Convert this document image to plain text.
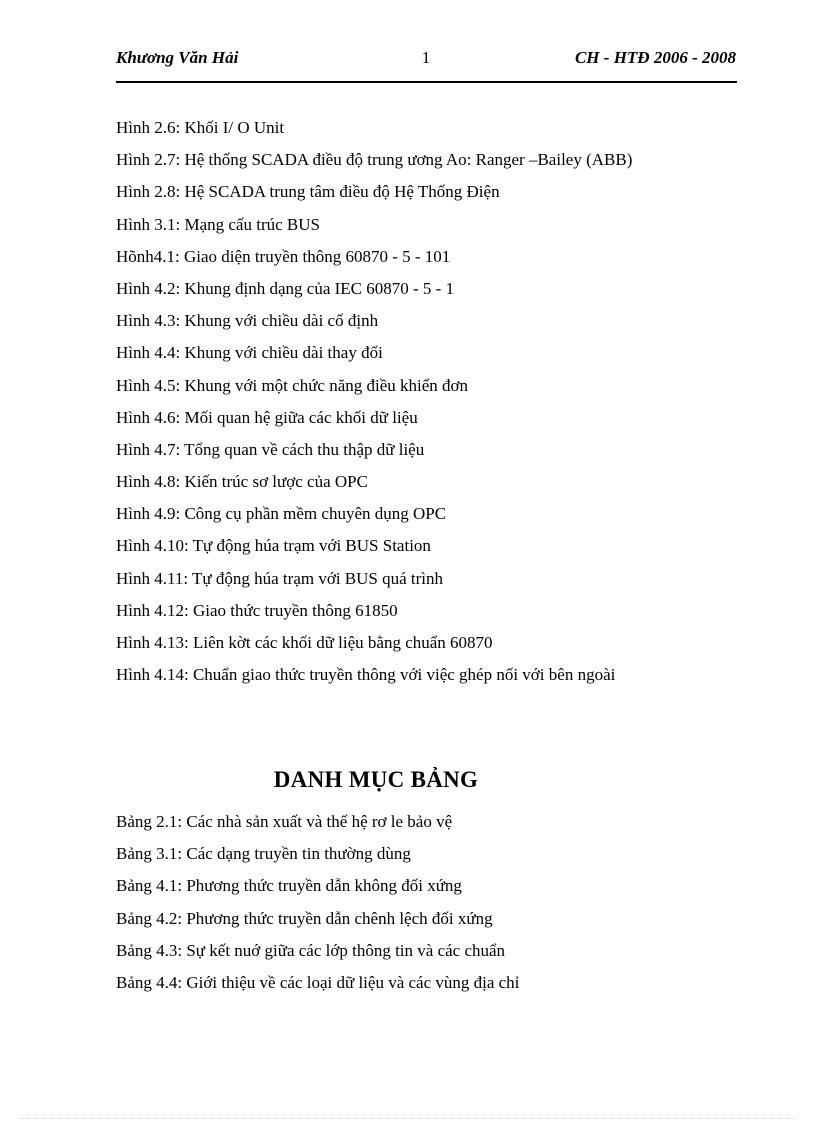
Khương Văn Hải	1	CH - HTĐ 2006 - 2008
Hình 2.6: Khối I/ O Unit
Hình 2.7: Hệ thống SCADA điều độ trung ương Ao: Ranger –Bailey (ABB)
Hình 2.8: Hệ SCADA trung tâm điều độ Hệ Thống Điện
Hình 3.1: Mạng cấu trúc BUS
Hõnh4.1: Giao diện truyền thông 60870 - 5 - 101
Hình 4.2: Khung định dạng của IEC 60870 - 5 - 1
Hình 4.3: Khung với chiều dài cố định
Hình 4.4: Khung với chiều dài thay đổi
Hình 4.5: Khung với một chức năng điều khiển đơn
Hình 4.6: Mối quan hệ giữa các khối dữ liệu
Hình 4.7: Tổng quan về cách thu thập dữ liệu
Hình 4.8: Kiến trúc sơ lược của OPC
Hình 4.9: Công cụ phần mềm chuyên dụng OPC
Hình 4.10: Tự động húa trạm với BUS Station
Hình 4.11: Tự động húa trạm với BUS quá trình
Hình 4.12: Giao thức truyền thông 61850
Hình 4.13: Liên kờt các khối dữ liệu bằng chuẩn 60870
Hình 4.14: Chuẩn giao thức truyền thông với việc ghép nối với bên ngoài
DANH MỤC BẢNG
Bảng 2.1: Các nhà sản xuất và thế hệ rơ le bảo vệ
Bảng 3.1: Các dạng truyền tin thường dùng
Bảng 4.1: Phương thức truyền dẫn không đối xứng
Bảng 4.2: Phương thức truyền dẫn chênh lệch đối xứng
Bảng 4.3: Sự kết nuớ giữa các lớp thông tin và các chuẩn
Bảng 4.4: Giới thiệu về các loại dữ liệu và các vùng địa chỉ
